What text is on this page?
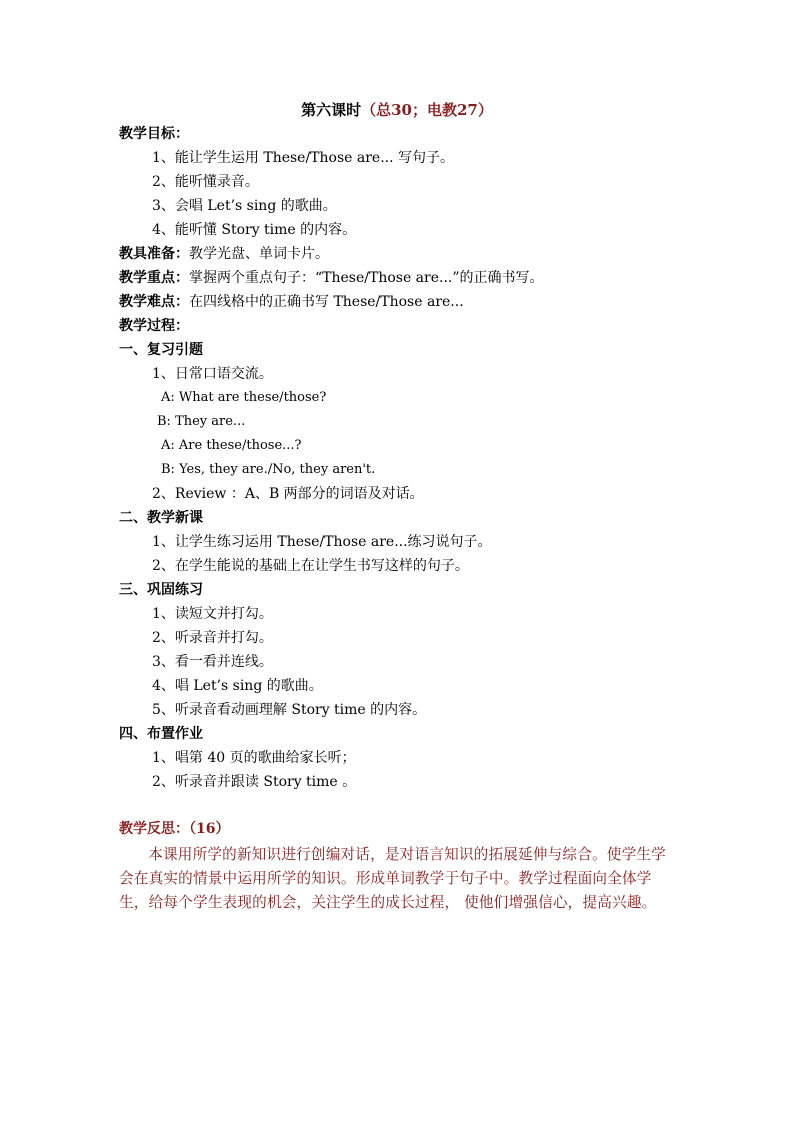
第六课时（总30；电教27）
教学目标：
1、能让学生运用 These/Those are... 写句子。
2、能听懂录音。
3、会唱 Let’s sing 的歌曲。
4、能听懂 Story time 的内容。
教具准备：教学光盘、单词卡片。
教学重点：掌握两个重点句子：“These/Those are...”的正确书写。
教学难点：在四线格中的正确书写 These/Those are...
教学过程：
一、复习引题
1、日常口语交流。
A: What are these/those?
B: They are...
A: Are these/those...?
B: Yes, they are./No, they aren't.
2、Review ：A、B 两部分的词语及对话。
二、教学新课
1、让学生练习运用 These/Those are...练习说句子。
2、在学生能说的基础上在让学生书写这样的句子。
三、巩固练习
1、读短文并打勾。
2、听录音并打勾。
3、看一看并连线。
4、唱 Let’s sing 的歌曲。
5、听录音看动画理解 Story time 的内容。
四、布置作业
1、唱第 40 页的歌曲给家长听；
2、听录音并跟读 Story time 。
教学反思：（16）

本课用所学的新知识进行创编对话，是对语言知识的拓展延伸与综合。使学生学会在真实的情景中运用所学的知识。形成单词教学于句子中。教学过程面向全体学生，给每个学生表现的机会，关注学生的成长过程， 使他们增强信心，提高兴趣。
